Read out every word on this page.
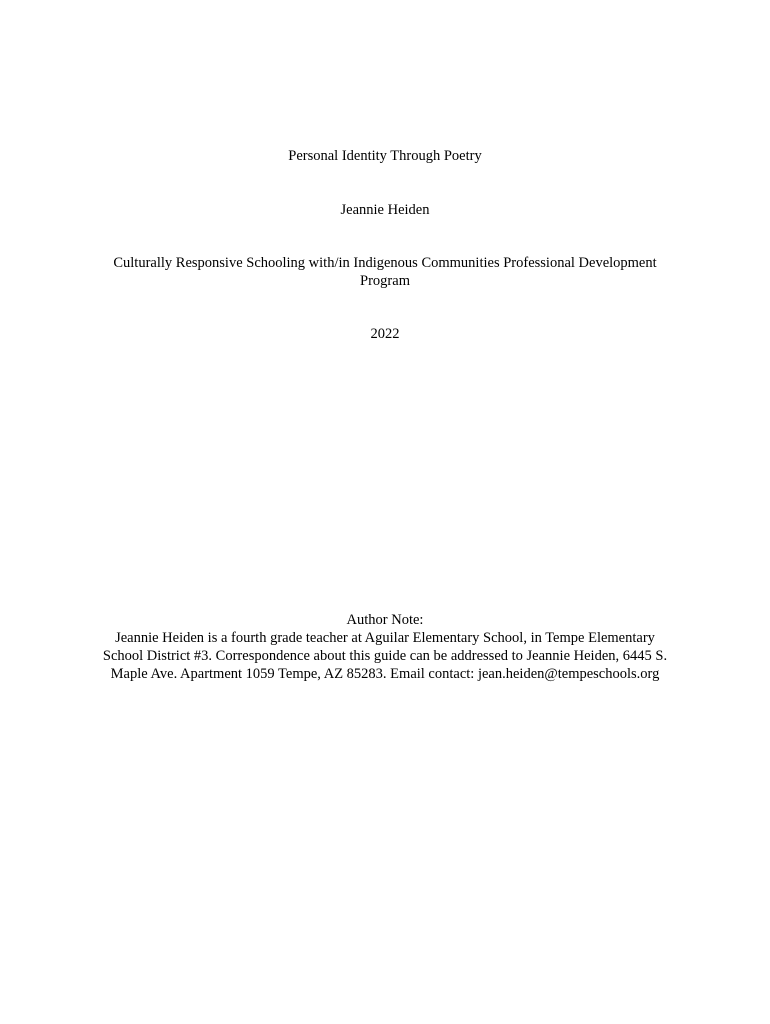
Personal Identity Through Poetry
Jeannie Heiden
Culturally Responsive Schooling with/in Indigenous Communities Professional Development
Program
2022
Author Note:
Jeannie Heiden is a fourth grade teacher at Aguilar Elementary School, in Tempe Elementary
School District #3. Correspondence about this guide can be addressed to Jeannie Heiden, 6445 S.
Maple Ave. Apartment 1059 Tempe, AZ 85283. Email contact: jean.heiden@tempeschools.org
